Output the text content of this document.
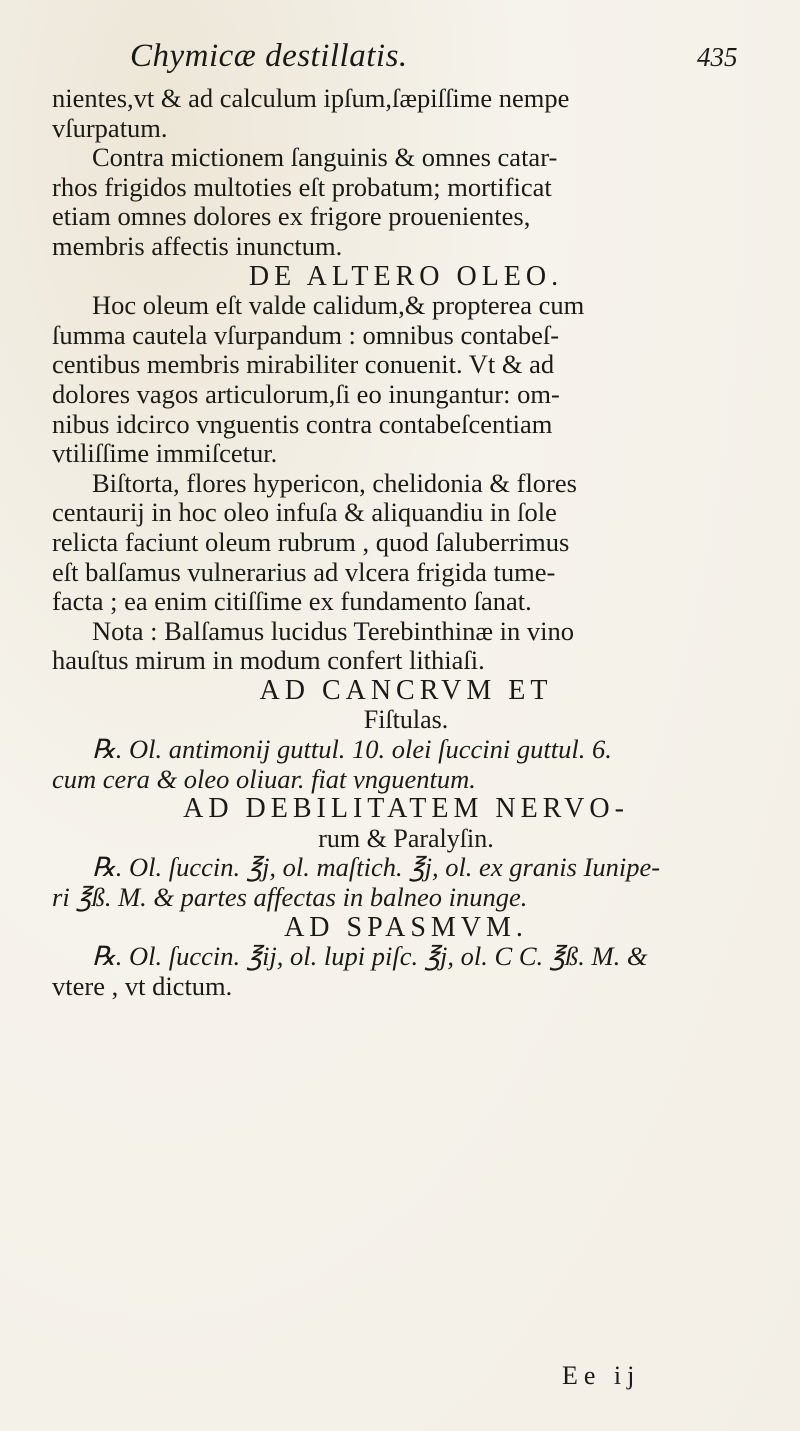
Chymicæ destillatis.	435
nientes,vt & ad calculum ipſum,ſæpiſſime nempe
vſurpatum.
Contra mictionem ſanguinis & omnes catar-
rhos frigidos multoties eſt probatum; mortificat
etiam omnes dolores ex frigore prouenientes,
membris affectis inunctum.
DE ALTERO OLEO.
Hoc oleum eſt valde calidum,& propterea cum
ſumma cautela vſurpandum : omnibus contabeſ-
centibus membris mirabiliter conuenit. Vt & ad
dolores vagos articulorum,ſi eo inungantur: om-
nibus idcirco vnguentis contra contabeſcentiam
vtiliſſime immiſcetur.
Biſtorta, flores hypericon, chelidonia & flores
centaurij in hoc oleo infuſa & aliquandiu in ſole
relicta faciunt oleum rubrum , quod ſaluberrimus
eſt balſamus vulnerarius ad vlcera frigida tume-
facta ; ea enim citiſſime ex fundamento ſanat.
Nota : Balſamus lucidus Terebinthinæ in vino
hauſtus mirum in modum confert lithiaſi.
AD CANCRVM ET
Fiſtulas.
℞. Ol. antimonij guttul. 10. olei ſuccini guttul. 6.
cum cera & oleo oliuar. fiat vnguentum.
AD DEBILITATEM NERVO-
rum & Paralyſin.
℞. Ol. ſuccin. ℥j, ol. maſtich. ℥j, ol. ex granis Iunipe-
ri ℥ß. M. & partes affectas in balneo inunge.
AD SPASMVM.
℞. Ol. ſuccin. ℥ij, ol. lupi piſc. ℥j, ol. C C. ℥ß. M. &
vtere , vt dictum.
Ee ij
